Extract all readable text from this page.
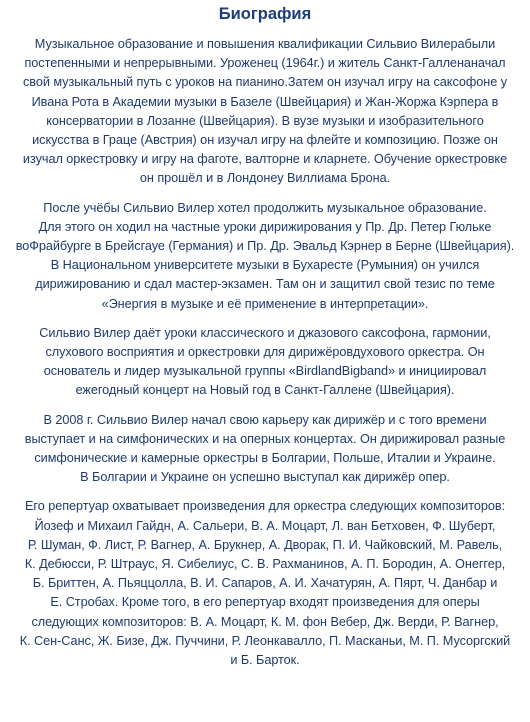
Биография
Музыкальное образование и повышения квалификации Сильвио Вилерабыли
постепенными и непрерывными. Уроженец (1964г.) и житель Санкт-Галленаначал
свой музыкальный путь с уроков на пианино.Затем он изучал игру на саксофоне у
Ивана Рота в Академии музыки в Базеле (Швейцария) и Жан-Жоржа Кэрпера в
консерватории в Лозанне (Швейцария). В вузе музыки и изобразительного
искусства в Граце (Австрия) он изучал игру на флейте и композицию. Позже он
изучал оркестровку и игру на фаготе, валторне и кларнете. Обучение оркестровке
он прошёл и в Лондонеу Виллиама Брона.
После учёбы Сильвио Вилер хотел продолжить музыкальное образование.
Для этого он ходил на частные уроки дирижирования у Пр. Др. Петер Гюльке
воФрайбурге в Брейсгауе (Германия) и Пр. Др. Эвальд Кэрнер в Берне (Швейцария).
В Национальном университете музыки в Бухаресте (Румыния) он учился
дирижированию и сдал мастер-экзамен. Там он и защитил свой тезис по теме
«Энергия в музыке и её применение в интерпретации».
Сильвио Вилер даёт уроки классического и джазового саксофона, гармонии,
слухового восприятия и оркестровки для дирижёровдухового оркестра. Он
основатель и лидер музыкальной группы «BirdlandBigband» и инициировал
ежегодный концерт на Новый год в Санкт-Галлене (Швейцария).
В 2008 г. Сильвио Вилер начал свою карьеру как дирижёр и с того времени
выступает и на симфонических и на оперных концертах. Он дирижировал разные
симфонические и камерные оркестры в Болгарии, Польше, Италии и Украине.
В Болгарии и Украине он успешно выступал как дирижёр опер.
Его репертуар охватывает произведения для оркестра следующих композиторов:
Йозеф и Михаил Гайдн, А. Сальери, В. А. Моцарт, Л. ван Бетховен, Ф. Шуберт,
Р. Шуман, Ф. Лист, Р. Вагнер, А. Брукнер, А. Дворак, П. И. Чайковский, М. Равель,
К. Дебюсси, Р. Штраус, Я. Сибелиус, С. В. Рахманинов, А. П. Бородин, А. Онеггер,
Б. Бриттен, А. Пьяццолла, В. И. Сапаров, А. И. Хачатурян, А. Пярт, Ч. Данбар и
Е. Стробах. Кроме того, в его репертуар входят произведения для оперы
следующих композиторов: В. А. Моцарт, К. М. фон Вебер, Дж. Верди, Р. Вагнер,
К. Сен-Санс, Ж. Бизе, Дж. Пуччини, Р. Леонкавалло, П. Масканьи, М. П. Мусоргский
и Б. Барток.
